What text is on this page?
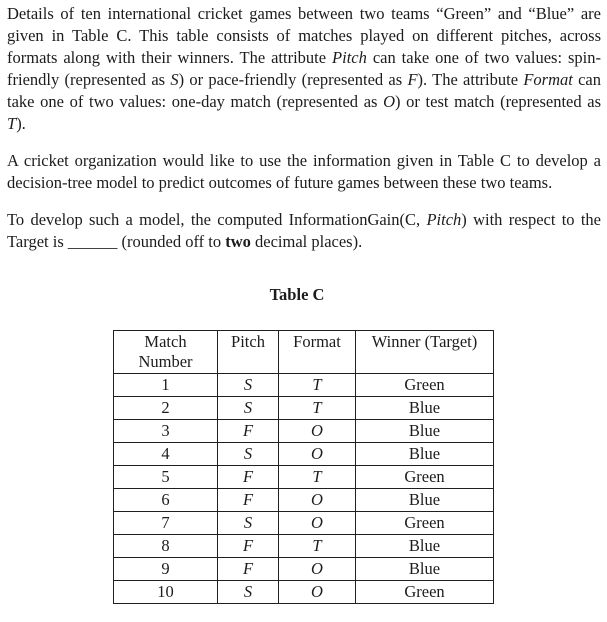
Details of ten international cricket games between two teams “Green” and “Blue” are given in Table C. This table consists of matches played on different pitches, across formats along with their winners. The attribute Pitch can take one of two values: spin-friendly (represented as S) or pace-friendly (represented as F). The attribute Format can take one of two values: one-day match (represented as O) or test match (represented as T).

A cricket organization would like to use the information given in Table C to develop a decision-tree model to predict outcomes of future games between these two teams.

To develop such a model, the computed InformationGain(C, Pitch) with respect to the Target is ______ (rounded off to two decimal places).

Table C
Match Number	Pitch	Format	Winner (Target)
1	S	T	Green
2	S	T	Blue
3	F	O	Blue
4	S	O	Blue
5	F	T	Green
6	F	O	Blue
7	S	O	Green
8	F	T	Blue
9	F	O	Blue
10	S	O	Green
